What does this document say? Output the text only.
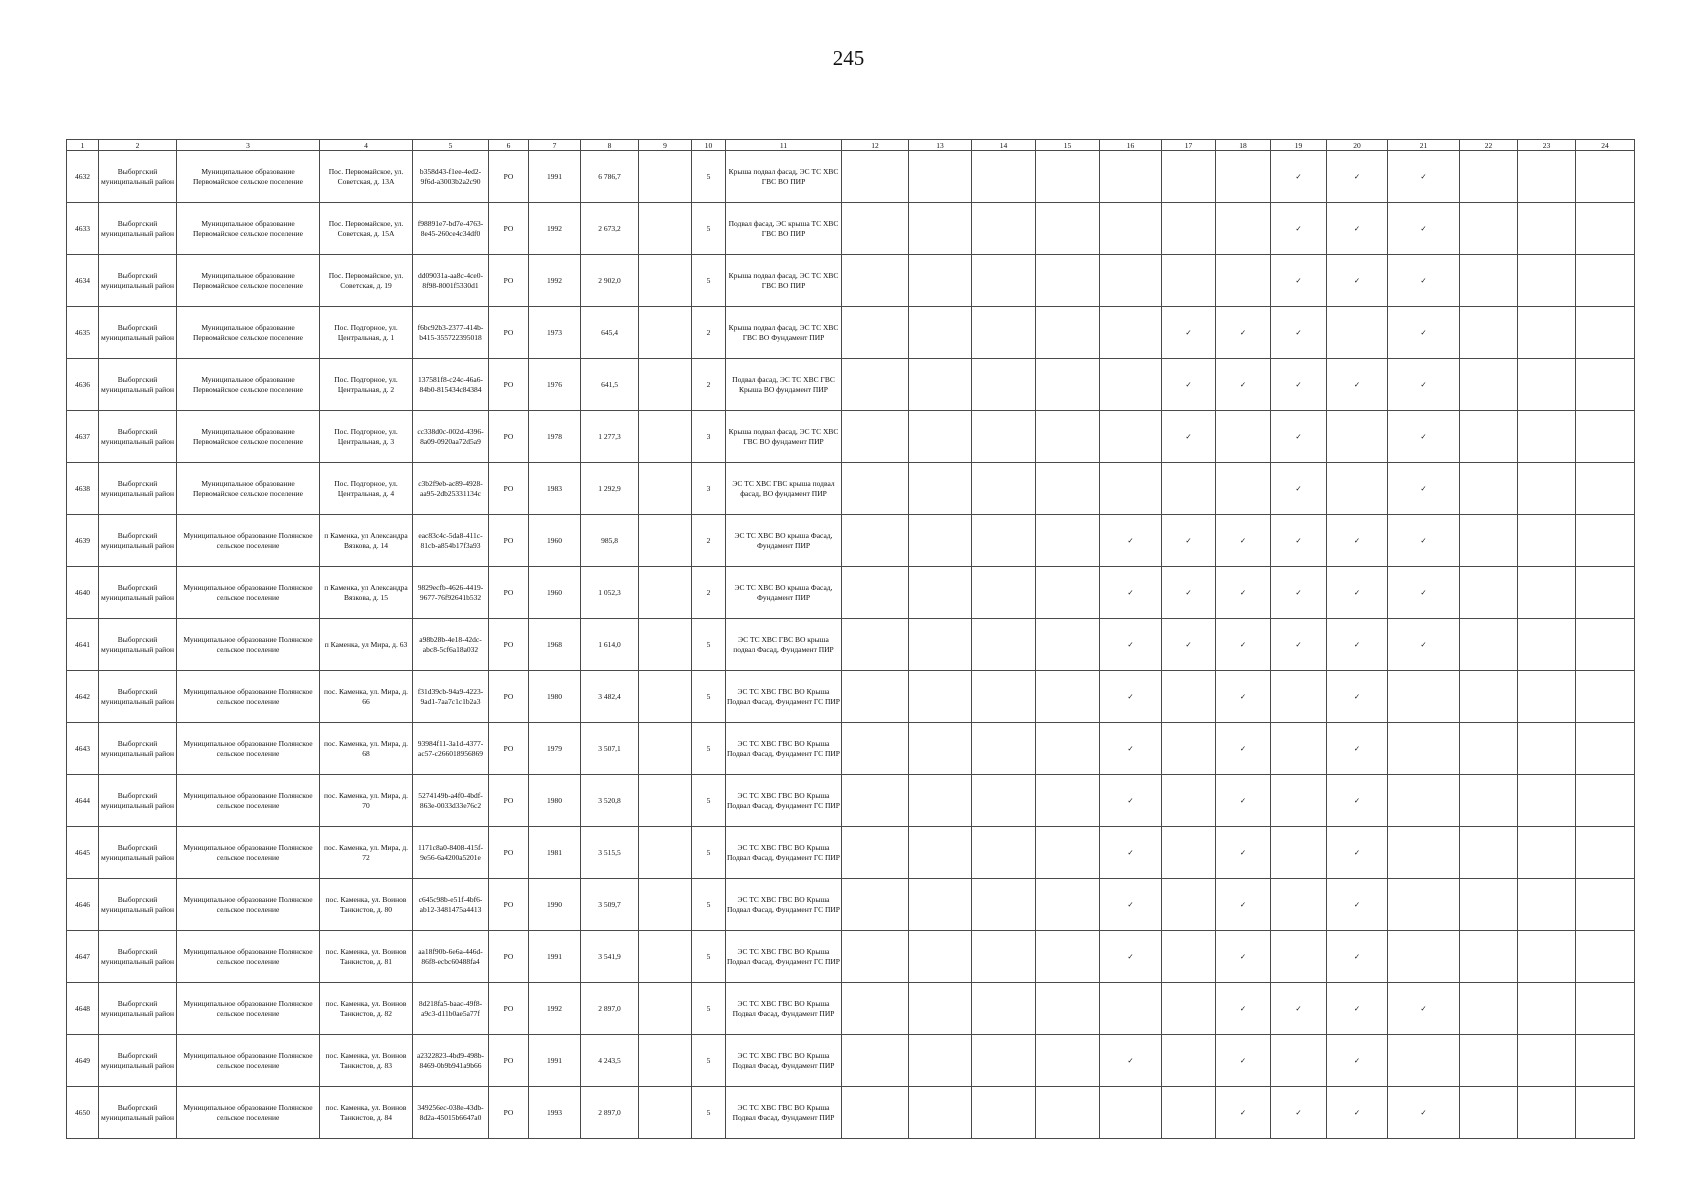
245
1	2	3	4	5	6	7	8	9	10	11	12	13	14	15	16	17	18	19	20	21	22	23	24
4632	Выборгский муниципальный район	Муниципальное образование Первомайское сельское поселение	Пос. Первомайское, ул. Советская, д. 13А	b358d43-f1ee-4ed2-9f6d-a3003b2a2c90	РО	1991	6 786,7		5	Крыша подвал фасад, ЭС ТС ХВС ГВС ВО ПИР								✓	✓	✓			
4633	Выборгский муниципальный район	Муниципальное образование Первомайское сельское поселение	Пос. Первомайское, ул. Советская, д. 15А	f98891e7-bd7e-4763-8e45-260ce4c34df0	РО	1992	2 673,2		5	Подвал фасад, ЭС крыша ТС ХВС ГВС ВО ПИР								✓	✓	✓			
4634	Выборгский муниципальный район	Муниципальное образование Первомайское сельское поселение	Пос. Первомайское, ул. Советская, д. 19	dd09031a-aa8c-4ce0-8f98-8001f5330d1	РО	1992	2 902,0		5	Крыша подвал фасад, ЭС ТС ХВС ГВС ВО ПИР								✓	✓	✓			
4635	Выборгский муниципальный район	Муниципальное образование Первомайское сельское поселение	Пос. Подгорное, ул. Центральная, д. 1	f6bc92b3-2377-414b-b415-355722395018	РО	1973	645,4		2	Крыша подвал фасад, ЭС ТС ХВС ГВС ВО Фундамент ПИР						✓	✓	✓		✓			
4636	Выборгский муниципальный район	Муниципальное образование Первомайское сельское поселение	Пос. Подгорное, ул. Центральная, д. 2	137581f8-c24c-46a6-84b0-815434c84384	РО	1976	641,5		2	Подвал фасад, ЭС ТС ХВС ГВС Крыша ВО фундамент ПИР						✓	✓	✓	✓	✓			
4637	Выборгский муниципальный район	Муниципальное образование Первомайское сельское поселение	Пос. Подгорное, ул. Центральная, д. 3	cc338d0c-002d-4396-8a09-0920aa72d5a9	РО	1978	1 277,3		3	Крыша подвал фасад, ЭС ТС ХВС ГВС ВО фундамент ПИР						✓		✓		✓			
4638	Выборгский муниципальный район	Муниципальное образование Первомайское сельское поселение	Пос. Подгорное, ул. Центральная, д. 4	c3b2f9eb-ac89-4928-aa95-2db25331134c	РО	1983	1 292,9		3	ЭС ТС ХВС ГВС крыша подвал фасад, ВО фундамент ПИР								✓		✓			
4639	Выборгский муниципальный район	Муниципальное образование Полянское сельское поселение	п Каменка, ул Александра Вязкова, д. 14	eac83c4c-5da8-411c-81cb-a854b17f3a93	РО	1960	985,8		2	ЭС ТС ХВС ВО крыша Фасад, Фундамент ПИР					✓	✓	✓	✓	✓	✓			
4640	Выборгский муниципальный район	Муниципальное образование Полянское сельское поселение	п Каменка, ул Александра Вязкова, д. 15	9829ecfb-4626-4419-9677-76f92641b532	РО	1960	1 052,3		2	ЭС ТС ХВС ВО крыша Фасад, Фундамент ПИР					✓	✓	✓	✓	✓	✓			
4641	Выборгский муниципальный район	Муниципальное образование Полянское сельское поселение	п Каменка, ул Мира, д. 63	a98b28b-4e18-42dc-abc8-5cf6a18a032	РО	1968	1 614,0		5	ЭС ТС ХВС ГВС ВО крыша подвал Фасад, Фундамент ПИР					✓	✓	✓	✓	✓	✓			
4642	Выборгский муниципальный район	Муниципальное образование Полянское сельское поселение	пос. Каменка, ул. Мира, д. 66	f31d39cb-94a9-4223-9ad1-7aa7c1c1b2a3	РО	1980	3 482,4		5	ЭС ТС ХВС ГВС ВО Крыша Подвал Фасад, Фундамент ГС ПИР					✓		✓		✓				
4643	Выборгский муниципальный район	Муниципальное образование Полянское сельское поселение	пос. Каменка, ул. Мира, д. 68	93984f11-3a1d-4377-ac57-c266018956869	РО	1979	3 507,1		5	ЭС ТС ХВС ГВС ВО Крыша Подвал Фасад, Фундамент ГС ПИР					✓		✓		✓				
4644	Выборгский муниципальный район	Муниципальное образование Полянское сельское поселение	пос. Каменка, ул. Мира, д. 70	5274149b-a4f0-4bdf-863e-0033d33e76c2	РО	1980	3 520,8		5	ЭС ТС ХВС ГВС ВО Крыша Подвал Фасад, Фундамент ГС ПИР					✓		✓		✓				
4645	Выборгский муниципальный район	Муниципальное образование Полянское сельское поселение	пос. Каменка, ул. Мира, д. 72	1171c8a0-8408-415f-9e56-6a4200a5201e	РО	1981	3 515,5		5	ЭС ТС ХВС ГВС ВО Крыша Подвал Фасад, Фундамент ГС ПИР					✓		✓		✓				
4646	Выборгский муниципальный район	Муниципальное образование Полянское сельское поселение	пос. Каменка, ул. Воинов Танкистов, д. 80	c645c98b-e51f-4bf6-ab12-3481475a4413	РО	1990	3 509,7		5	ЭС ТС ХВС ГВС ВО Крыша Подвал Фасад, Фундамент ГС ПИР					✓		✓		✓				
4647	Выборгский муниципальный район	Муниципальное образование Полянское сельское поселение	пос. Каменка, ул. Воинов Танкистов, д. 81	aa18f90b-6e6a-446d-86f8-ecbc60488fa4	РО	1991	3 541,9		5	ЭС ТС ХВС ГВС ВО Крыша Подвал Фасад, Фундамент ГС ПИР					✓		✓		✓				
4648	Выборгский муниципальный район	Муниципальное образование Полянское сельское поселение	пос. Каменка, ул. Воинов Танкистов, д. 82	8d218fa5-baac-49f8-a9c3-d11b0ae5a77f	РО	1992	2 897,0		5	ЭС ТС ХВС ГВС ВО Крыша Подвал Фасад, Фундамент ПИР							✓	✓	✓	✓			
4649	Выборгский муниципальный район	Муниципальное образование Полянское сельское поселение	пос. Каменка, ул. Воинов Танкистов, д. 83	a2322823-4bd9-498b-8469-0b9b941a9b66	РО	1991	4 243,5		5	ЭС ТС ХВС ГВС ВО Крыша Подвал Фасад, Фундамент ПИР					✓		✓		✓				
4650	Выборгский муниципальный район	Муниципальное образование Полянское сельское поселение	пос. Каменка, ул. Воинов Танкистов, д. 84	349256ec-038e-43db-8d2a-45015b6647a0	РО	1993	2 897,0		5	ЭС ТС ХВС ГВС ВО Крыша Подвал Фасад, Фундамент ПИР							✓	✓	✓	✓			
